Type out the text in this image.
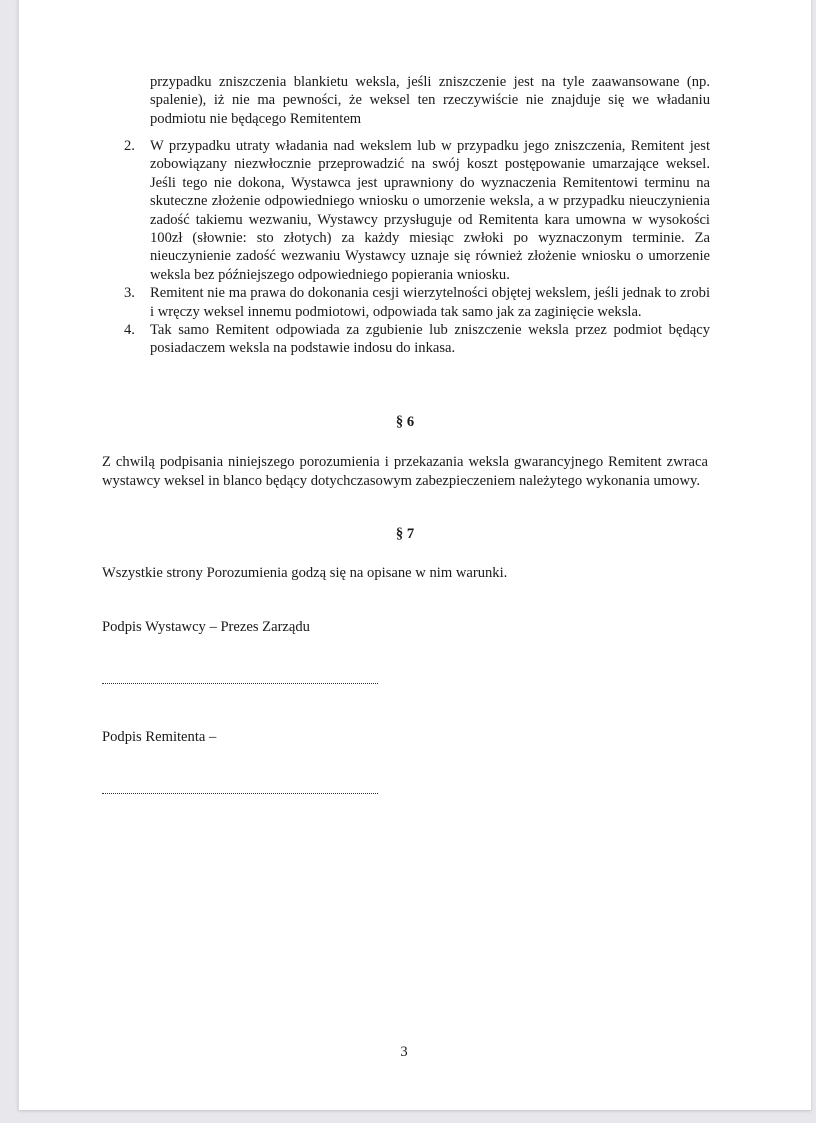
przypadku zniszczenia blankietu weksla, jeśli zniszczenie jest na tyle zaawansowane (np. spalenie), iż nie ma pewności, że weksel ten rzeczywiście nie znajduje się we władaniu podmiotu nie będącego Remitentem

2. W przypadku utraty władania nad wekslem lub w przypadku jego zniszczenia, Remitent jest zobowiązany niezwłocznie przeprowadzić na swój koszt postępowanie umarzające weksel. Jeśli tego nie dokona, Wystawca jest uprawniony do wyznaczenia Remitentowi terminu na skuteczne złożenie odpowiedniego wniosku o umorzenie weksla, a w przypadku nieuczynienia zadość takiemu wezwaniu, Wystawcy przysługuje od Remitenta kara umowna w wysokości 100zł (słownie: sto złotych) za każdy miesiąc zwłoki po wyznaczonym terminie. Za nieuczynienie zadość wezwaniu Wystawcy uznaje się również złożenie wniosku o umorzenie weksla bez późniejszego odpowiedniego popierania wniosku.
3. Remitent nie ma prawa do dokonania cesji wierzytelności objętej wekslem, jeśli jednak to zrobi i wręczy weksel innemu podmiotowi, odpowiada tak samo jak za zaginięcie weksla.
4. Tak samo Remitent odpowiada za zgubienie lub zniszczenie weksla przez podmiot będący posiadaczem weksla na podstawie indosu do inkasa.

§ 6

Z chwilą podpisania niniejszego porozumienia i przekazania weksla gwarancyjnego Remitent zwraca wystawcy weksel in blanco będący dotychczasowym zabezpieczeniem należytego wykonania umowy.

§ 7

Wszystkie strony Porozumienia godzą się na opisane w nim warunki.

Podpis Wystawcy – Prezes Zarządu

Podpis Remitenta –

3
